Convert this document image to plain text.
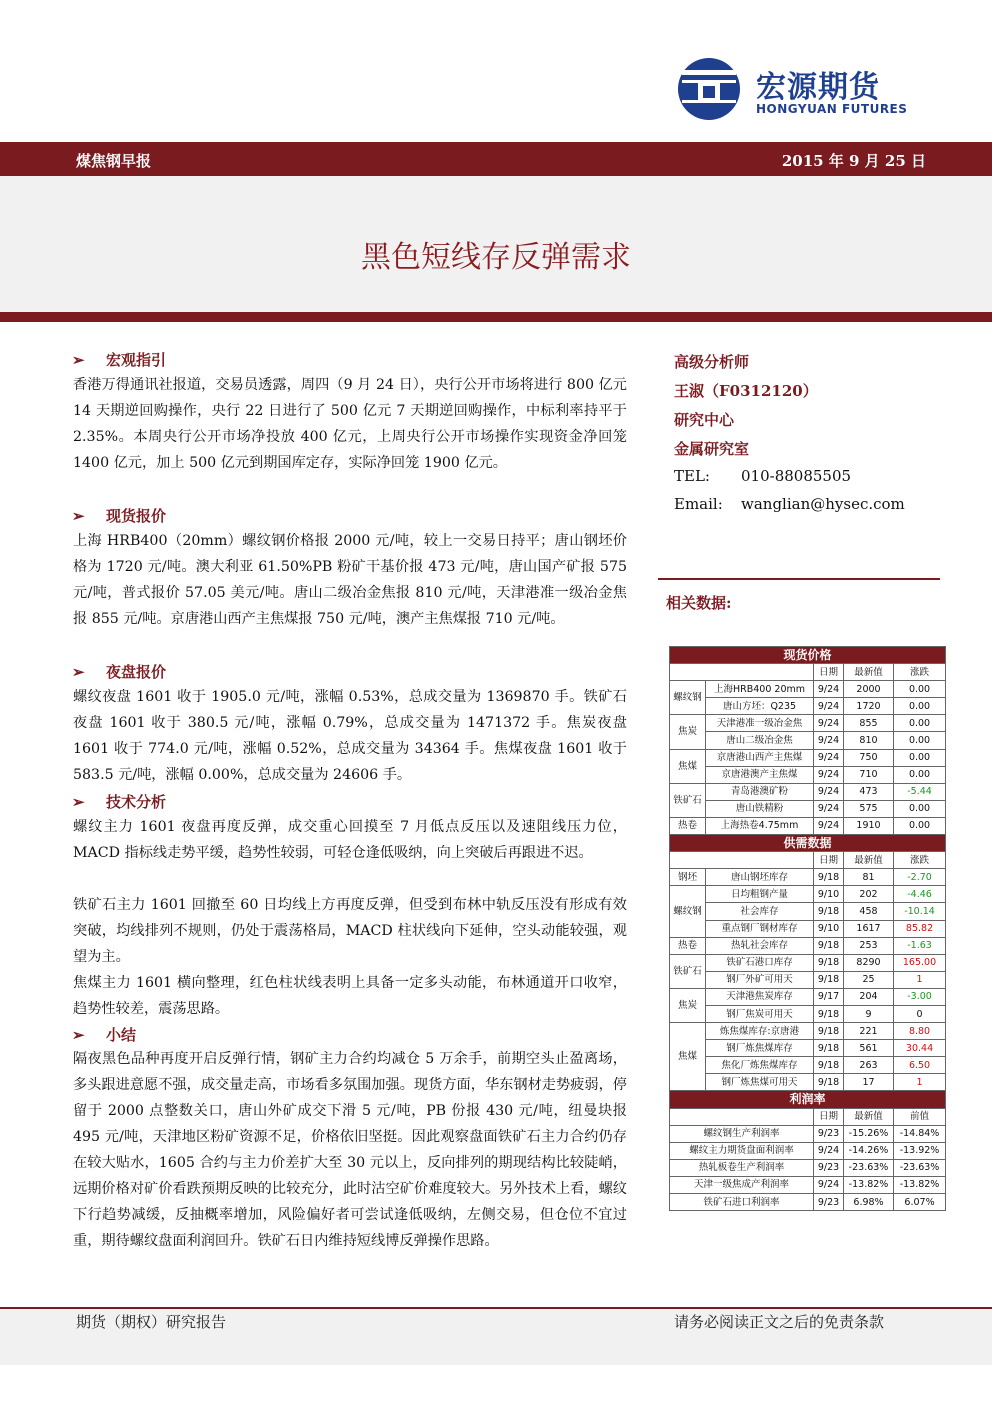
宏源期货
HONGYUAN FUTURES
煤焦钢早报	2015 年 9 月 25 日
黑色短线存反弹需求
➢ 宏观指引
香港万得通讯社报道，交易员透露，周四（9 月 24 日），央行公开市场将进行 800 亿元 14 天期逆回购操作，央行 22 日进行了 500 亿元 7 天期逆回购操作，中标利率持平于 2.35%。本周央行公开市场净投放 400 亿元，上周央行公开市场操作实现资金净回笼 1400 亿元，加上 500 亿元到期国库定存，实际净回笼 1900 亿元。
➢ 现货报价
上海 HRB400（20mm）螺纹钢价格报 2000 元/吨，较上一交易日持平；唐山钢坯价格为 1720 元/吨。澳大利亚 61.50%PB 粉矿干基价报 473 元/吨，唐山国产矿报 575 元/吨，普式报价 57.05 美元/吨。唐山二级冶金焦报 810 元/吨，天津港准一级冶金焦报 855 元/吨。京唐港山西产主焦煤报 750 元/吨，澳产主焦煤报 710 元/吨。
➢ 夜盘报价
螺纹夜盘 1601 收于 1905.0 元/吨，涨幅 0.53%，总成交量为 1369870 手。铁矿石夜盘 1601 收于 380.5 元/吨，涨幅 0.79%，总成交量为 1471372 手。焦炭夜盘 1601 收于 774.0 元/吨，涨幅 0.52%，总成交量为 34364 手。焦煤夜盘 1601 收于 583.5 元/吨，涨幅 0.00%，总成交量为 24606 手。
➢ 技术分析
螺纹主力 1601 夜盘再度反弹，成交重心回摸至 7 月低点反压以及速阻线压力位，MACD 指标线走势平缓，趋势性较弱，可轻仓逢低吸纳，向上突破后再跟进不迟。
铁矿石主力 1601 回撤至 60 日均线上方再度反弹，但受到布林中轨反压没有形成有效突破，均线排列不规则，仍处于震荡格局，MACD 柱状线向下延伸，空头动能较强，观望为主。
焦煤主力 1601 横向整理，红色柱状线表明上具备一定多头动能，布林通道开口收窄，趋势性较差，震荡思路。
➢ 小结
隔夜黑色品种再度开启反弹行情，钢矿主力合约均减仓 5 万余手，前期空头止盈离场，多头跟进意愿不强，成交量走高，市场看多氛围加强。现货方面，华东钢材走势疲弱，停留于 2000 点整数关口，唐山外矿成交下滑 5 元/吨，PB 份报 430 元/吨，纽曼块报 495 元/吨，天津地区粉矿资源不足，价格依旧坚挺。因此观察盘面铁矿石主力合约仍存在较大贴水，1605 合约与主力价差扩大至 30 元以上，反向排列的期现结构比较陡峭，远期价格对矿价看跌预期反映的比较充分，此时沽空矿价难度较大。另外技术上看，螺纹下行趋势减缓，反抽概率增加，风险偏好者可尝试逢低吸纳，左侧交易，但仓位不宜过重，期待螺纹盘面利润回升。铁矿石日内维持短线博反弹操作思路。
高级分析师
王淑（F0312120）
研究中心
金属研究室
TEL: 010-88085505
Email: wanglian@hysec.com
相关数据:
现货价格				
		日期	最新值	涨跌
螺纹钢	上海HRB400 20mm	9/24	2000	0.00
	唐山方坯：Q235	9/24	1720	0.00
焦炭	天津港准一级冶金焦	9/24	855	0.00
	唐山二级冶金焦	9/24	810	0.00
焦煤	京唐港山西产主焦煤	9/24	750	0.00
	京唐港澳产主焦煤	9/24	710	0.00
铁矿石	青岛港澳矿粉	9/24	473	-5.44
	唐山铁精粉	9/24	575	0.00
热卷	上海热卷4.75mm	9/24	1910	0.00
供需数据				
		日期	最新值	涨跌
钢坯	唐山钢坯库存	9/18	81	-2.70
螺纹钢	日均粗钢产量	9/10	202	-4.46
	社会库存	9/18	458	-10.14
	重点钢厂钢材库存	9/10	1617	85.82
热卷	热轧社会库存	9/18	253	-1.63
铁矿石	铁矿石港口库存	9/18	8290	165.00
	钢厂外矿可用天	9/18	25	1
焦炭	天津港焦炭库存	9/17	204	-3.00
	钢厂焦炭可用天	9/18	9	0
焦煤	炼焦煤库存:京唐港	9/18	221	8.80
	钢厂炼焦煤库存	9/18	561	30.44
	焦化厂炼焦煤库存	9/18	263	6.50
	钢厂炼焦煤可用天	9/18	17	1
利润率				
		日期	最新值	前值
螺纹钢生产利润率		9/23	-15.26%	-14.84%
螺纹主力期货盘面利润率		9/24	-14.26%	-13.92%
热轧板卷生产利润率		9/23	-23.63%	-23.63%
天津一级焦成产利润率		9/24	-13.82%	-13.82%
铁矿石进口利润率		9/23	6.98%	6.07%
期货（期权）研究报告	请务必阅读正文之后的免责条款
